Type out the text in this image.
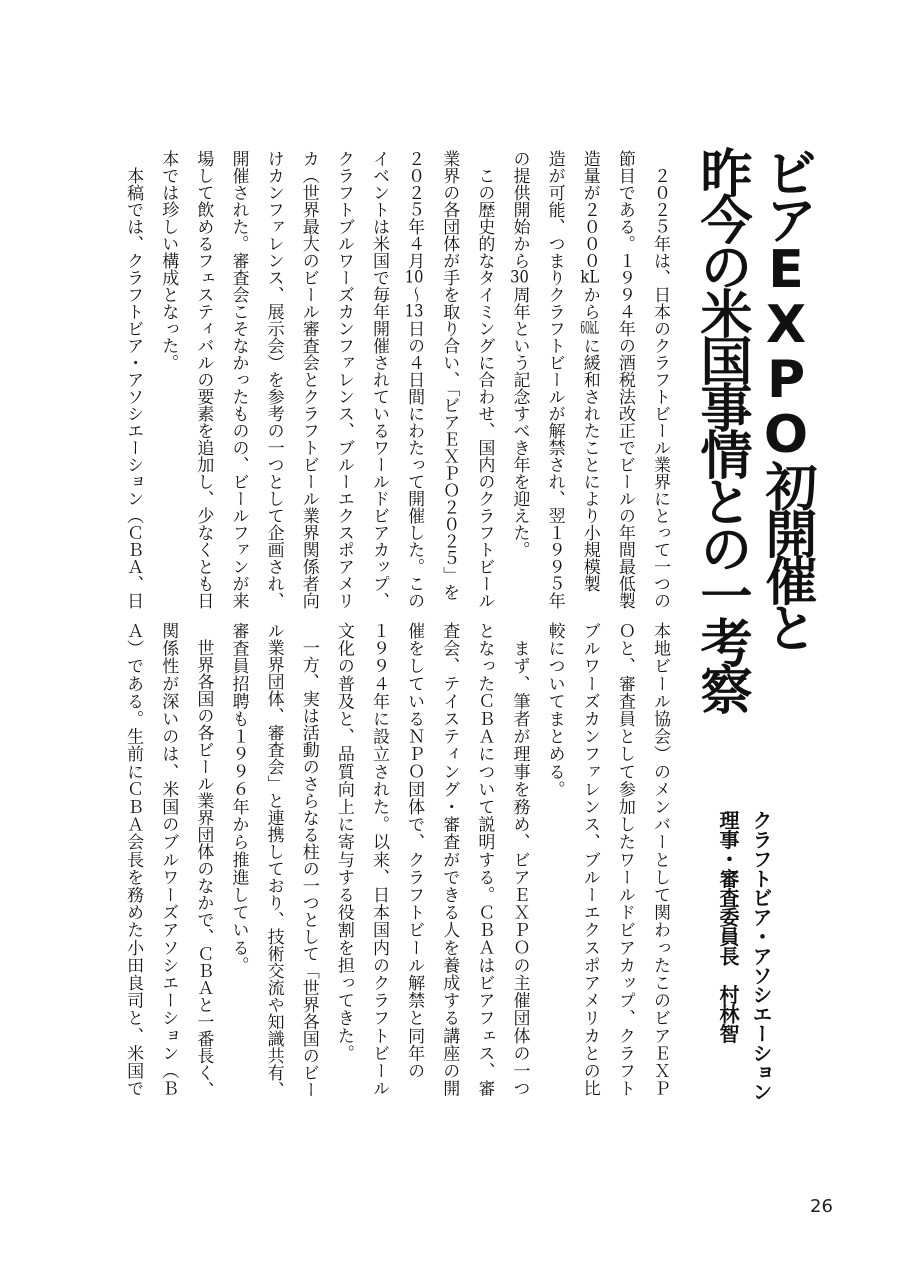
ビアEXPO初開催と
昨今の米国事情との一考察
クラフトビア・アソシエーション
理事・審査委員長　村林智
　２０２５年は、日本のクラフトビール業界にとって一つの
節目である。１９９４年の酒税法改正でビールの年間最低製
造量が２０００kLから60kLに緩和されたことにより小規模製
造が可能、つまりクラフトビールが解禁され、翌１９９５年
の提供開始から30周年という記念すべき年を迎えた。
　この歴史的なタイミングに合わせ、国内のクラフトビール
業界の各団体が手を取り合い、「ビアＥＸＰＯ２０２５」を
２０２５年４月10～13日の４日間にわたって開催した。この
イベントは米国で毎年開催されているワールドビアカップ、
クラフトブルワーズカンファレンス、ブルーエクスポアメリ
カ（世界最大のビール審査会とクラフトビール業界関係者向
けカンファレンス、展示会）を参考の一つとして企画され、
開催された。審査会こそなかったものの、ビールファンが来
場して飲めるフェスティバルの要素を追加し、少なくとも日
本では珍しい構成となった。
　本稿では、クラフトビア・アソシエーション（ＣＢＡ、日
本地ビール協会）のメンバーとして関わったこのビアＥＸＰ
Ｏと、審査員として参加したワールドビアカップ、クラフト
ブルワーズカンファレンス、ブルーエクスポアメリカとの比
較についてまとめる。
　まず、筆者が理事を務め、ビアＥＸＰＯの主催団体の一つ
となったＣＢＡについて説明する。ＣＢＡはビアフェス、審
査会、テイスティング・審査ができる人を養成する講座の開
催をしているＮＰＯ団体で、クラフトビール解禁と同年の
１９９４年に設立された。以来、日本国内のクラフトビール
文化の普及と、品質向上に寄与する役割を担ってきた。
　一方、実は活動のさらなる柱の一つとして「世界各国のビー
ル業界団体、審査会」と連携しており、技術交流や知識共有、
審査員招聘も１９９６年から推進している。
　世界各国の各ビール業界団体のなかで、ＣＢＡと一番長く、
関係性が深いのは、米国のブルワーズアソシエーション（Ｂ
Ａ）である。生前にＣＢＡ会長を務めた小田良司と、米国で
26
